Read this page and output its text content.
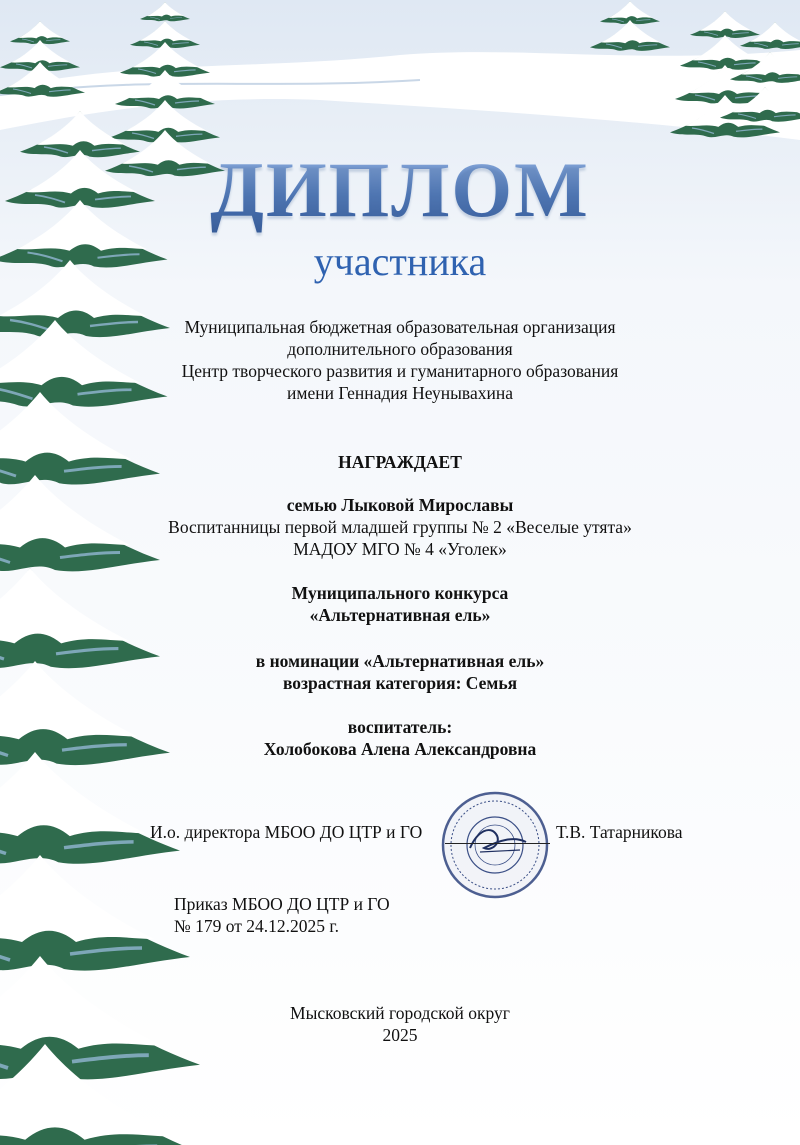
ДИПЛОМ
участника
Муниципальная бюджетная образовательная организация
дополнительного образования
Центр творческого развития и гуманитарного образования
имени Геннадия Неунывахина
НАГРАЖДАЕТ
семью Лыковой Мирославы
Воспитанницы первой младшей группы № 2 «Веселые утята»
МАДОУ МГО № 4 «Уголек»
Муниципального конкурса
«Альтернативная ель»
в номинации «Альтернативная ель»
возрастная категория: Семья
воспитатель:
Холобокова Алена Александровна
И.о. директора МБОО ДО ЦТР и ГО	Т.В. Татарникова
Приказ МБОО ДО ЦТР и ГО
№ 179 от 24.12.2025 г.
Мысковский городской округ
2025
